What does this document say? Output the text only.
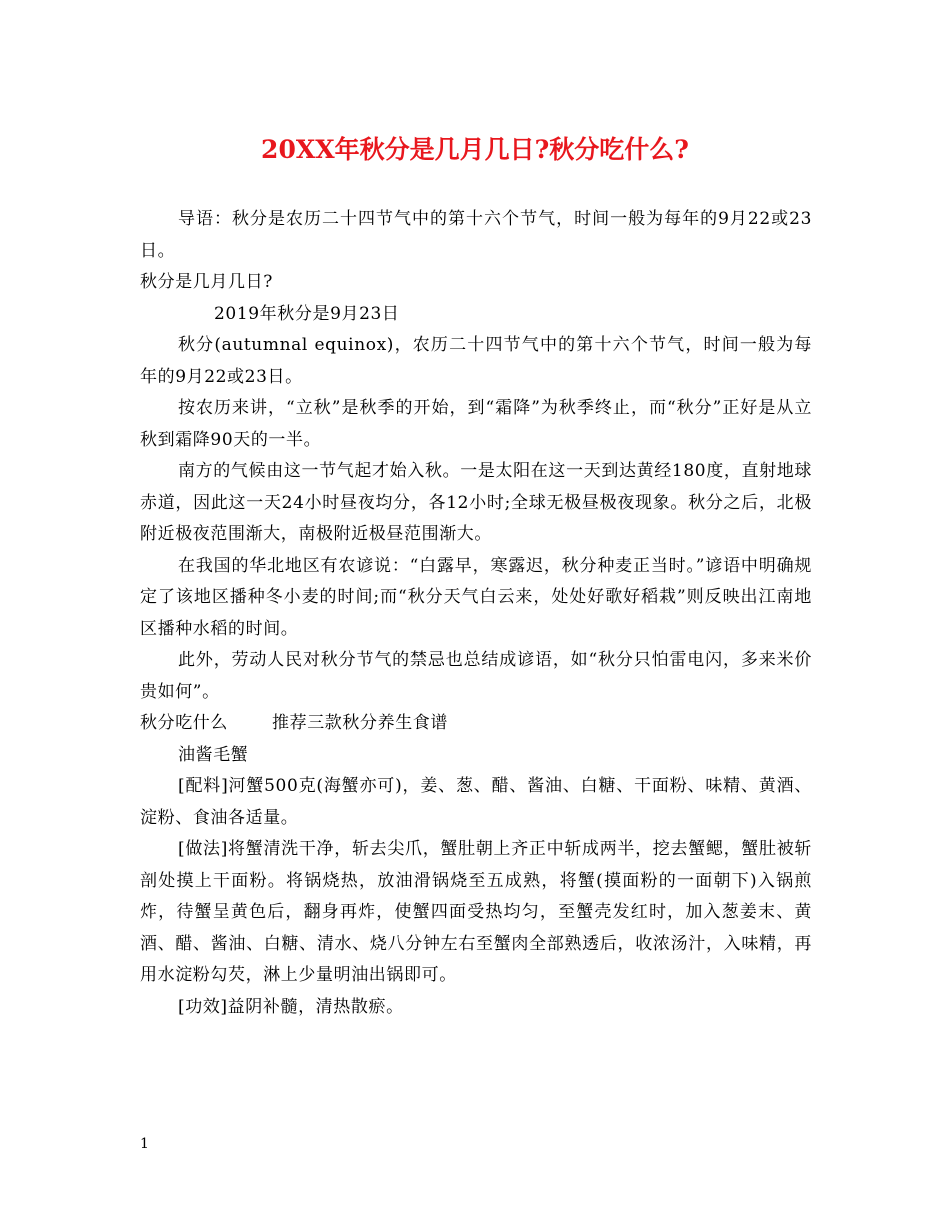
20XX年秋分是几月几日?秋分吃什么?

导语：秋分是农历二十四节气中的第十六个节气，时间一般为每年的9月22或23日。

秋分是几月几日?

2019年秋分是9月23日

秋分(autumnal equinox)，农历二十四节气中的第十六个节气，时间一般为每年的9月22或23日。

按农历来讲，“立秋”是秋季的开始，到“霜降”为秋季终止，而“秋分”正好是从立秋到霜降90天的一半。

南方的气候由这一节气起才始入秋。一是太阳在这一天到达黄经180度，直射地球赤道，因此这一天24小时昼夜均分，各12小时;全球无极昼极夜现象。秋分之后，北极附近极夜范围渐大，南极附近极昼范围渐大。

在我国的华北地区有农谚说：“白露早，寒露迟，秋分种麦正当时。”谚语中明确规定了该地区播种冬小麦的时间;而“秋分天气白云来，处处好歌好稻栽”则反映出江南地区播种水稻的时间。

此外，劳动人民对秋分节气的禁忌也总结成谚语，如“秋分只怕雷电闪，多来米价贵如何”。

秋分吃什么	推荐三款秋分养生食谱

油酱毛蟹

[配料]河蟹500克(海蟹亦可)，姜、葱、醋、酱油、白糖、干面粉、味精、黄酒、淀粉、食油各适量。

[做法]将蟹清洗干净，斩去尖爪，蟹肚朝上齐正中斩成两半，挖去蟹鳃，蟹肚被斩剖处摸上干面粉。将锅烧热，放油滑锅烧至五成熟，将蟹(摸面粉的一面朝下)入锅煎炸，待蟹呈黄色后，翻身再炸，使蟹四面受热均匀，至蟹壳发红时，加入葱姜末、黄酒、醋、酱油、白糖、清水、烧八分钟左右至蟹肉全部熟透后，收浓汤汁，入味精，再用水淀粉勾芡，淋上少量明油出锅即可。

[功效]益阴补髓，清热散瘀。

1
